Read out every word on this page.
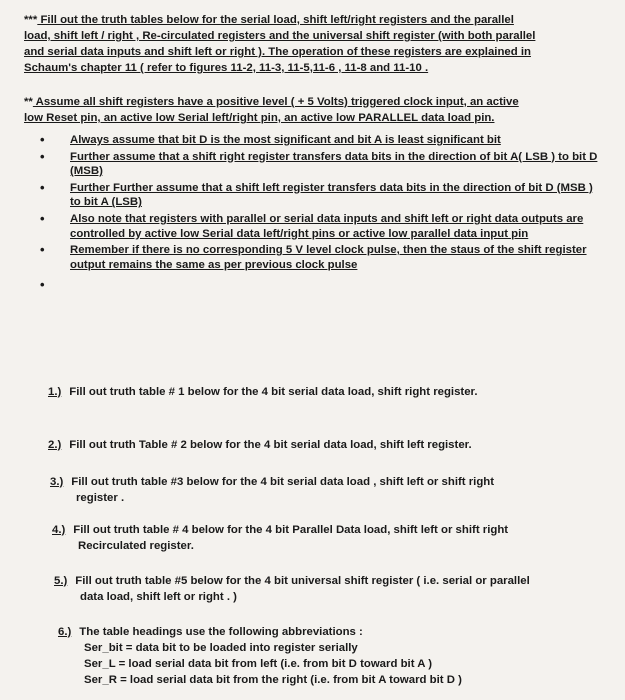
*** Fill out the truth tables below for the serial load, shift left/right registers and the parallel
load, shift left / right , Re-circulated registers and the universal shift register (with both parallel
and serial data inputs and shift left or right ). The operation of these registers are explained in
Schaum's chapter 11 ( refer to figures 11-2, 11-3, 11-5,11-6 , 11-8 and 11-10 .
** Assume all shift registers have a positive level ( + 5 Volts) triggered clock input, an active
low Reset pin, an active low Serial left/right pin, an active low PARALLEL data load pin.
• Always assume that bit D is the most significant and bit A is least significant bit
• Further assume that a shift right register transfers data bits in the direction of bit A( LSB ) to bit D (MSB)
• Further Further assume that a shift left register transfers data bits in the direction of bit D (MSB ) to bit A (LSB)
• Also note that registers with parallel or serial data inputs and shift left or right data outputs are controlled by active low Serial data left/right pins or active low parallel data input pin
• Remember if there is no corresponding 5 V level clock pulse, then the staus of the shift register output remains the same as per previous clock pulse
•
1.) Fill out truth table # 1 below for the 4 bit serial data load, shift right register.
2.) Fill out truth Table # 2 below for the 4 bit serial data load, shift left register.
3.) Fill out truth table #3 below for the 4 bit serial data load , shift left or shift right
register .
4.) Fill out truth table # 4 below for the 4 bit Parallel Data load, shift left or shift right
Recirculated register.
5.) Fill out truth table #5 below for the 4 bit universal shift register ( i.e. serial or parallel
data load, shift left or right . )
6.) The table headings use the following abbreviations :
Ser_bit = data bit to be loaded into register serially
Ser_L = load serial data bit from left (i.e. from bit D toward bit A )
Ser_R = load serial data bit from the right (i.e. from bit A toward bit D )
